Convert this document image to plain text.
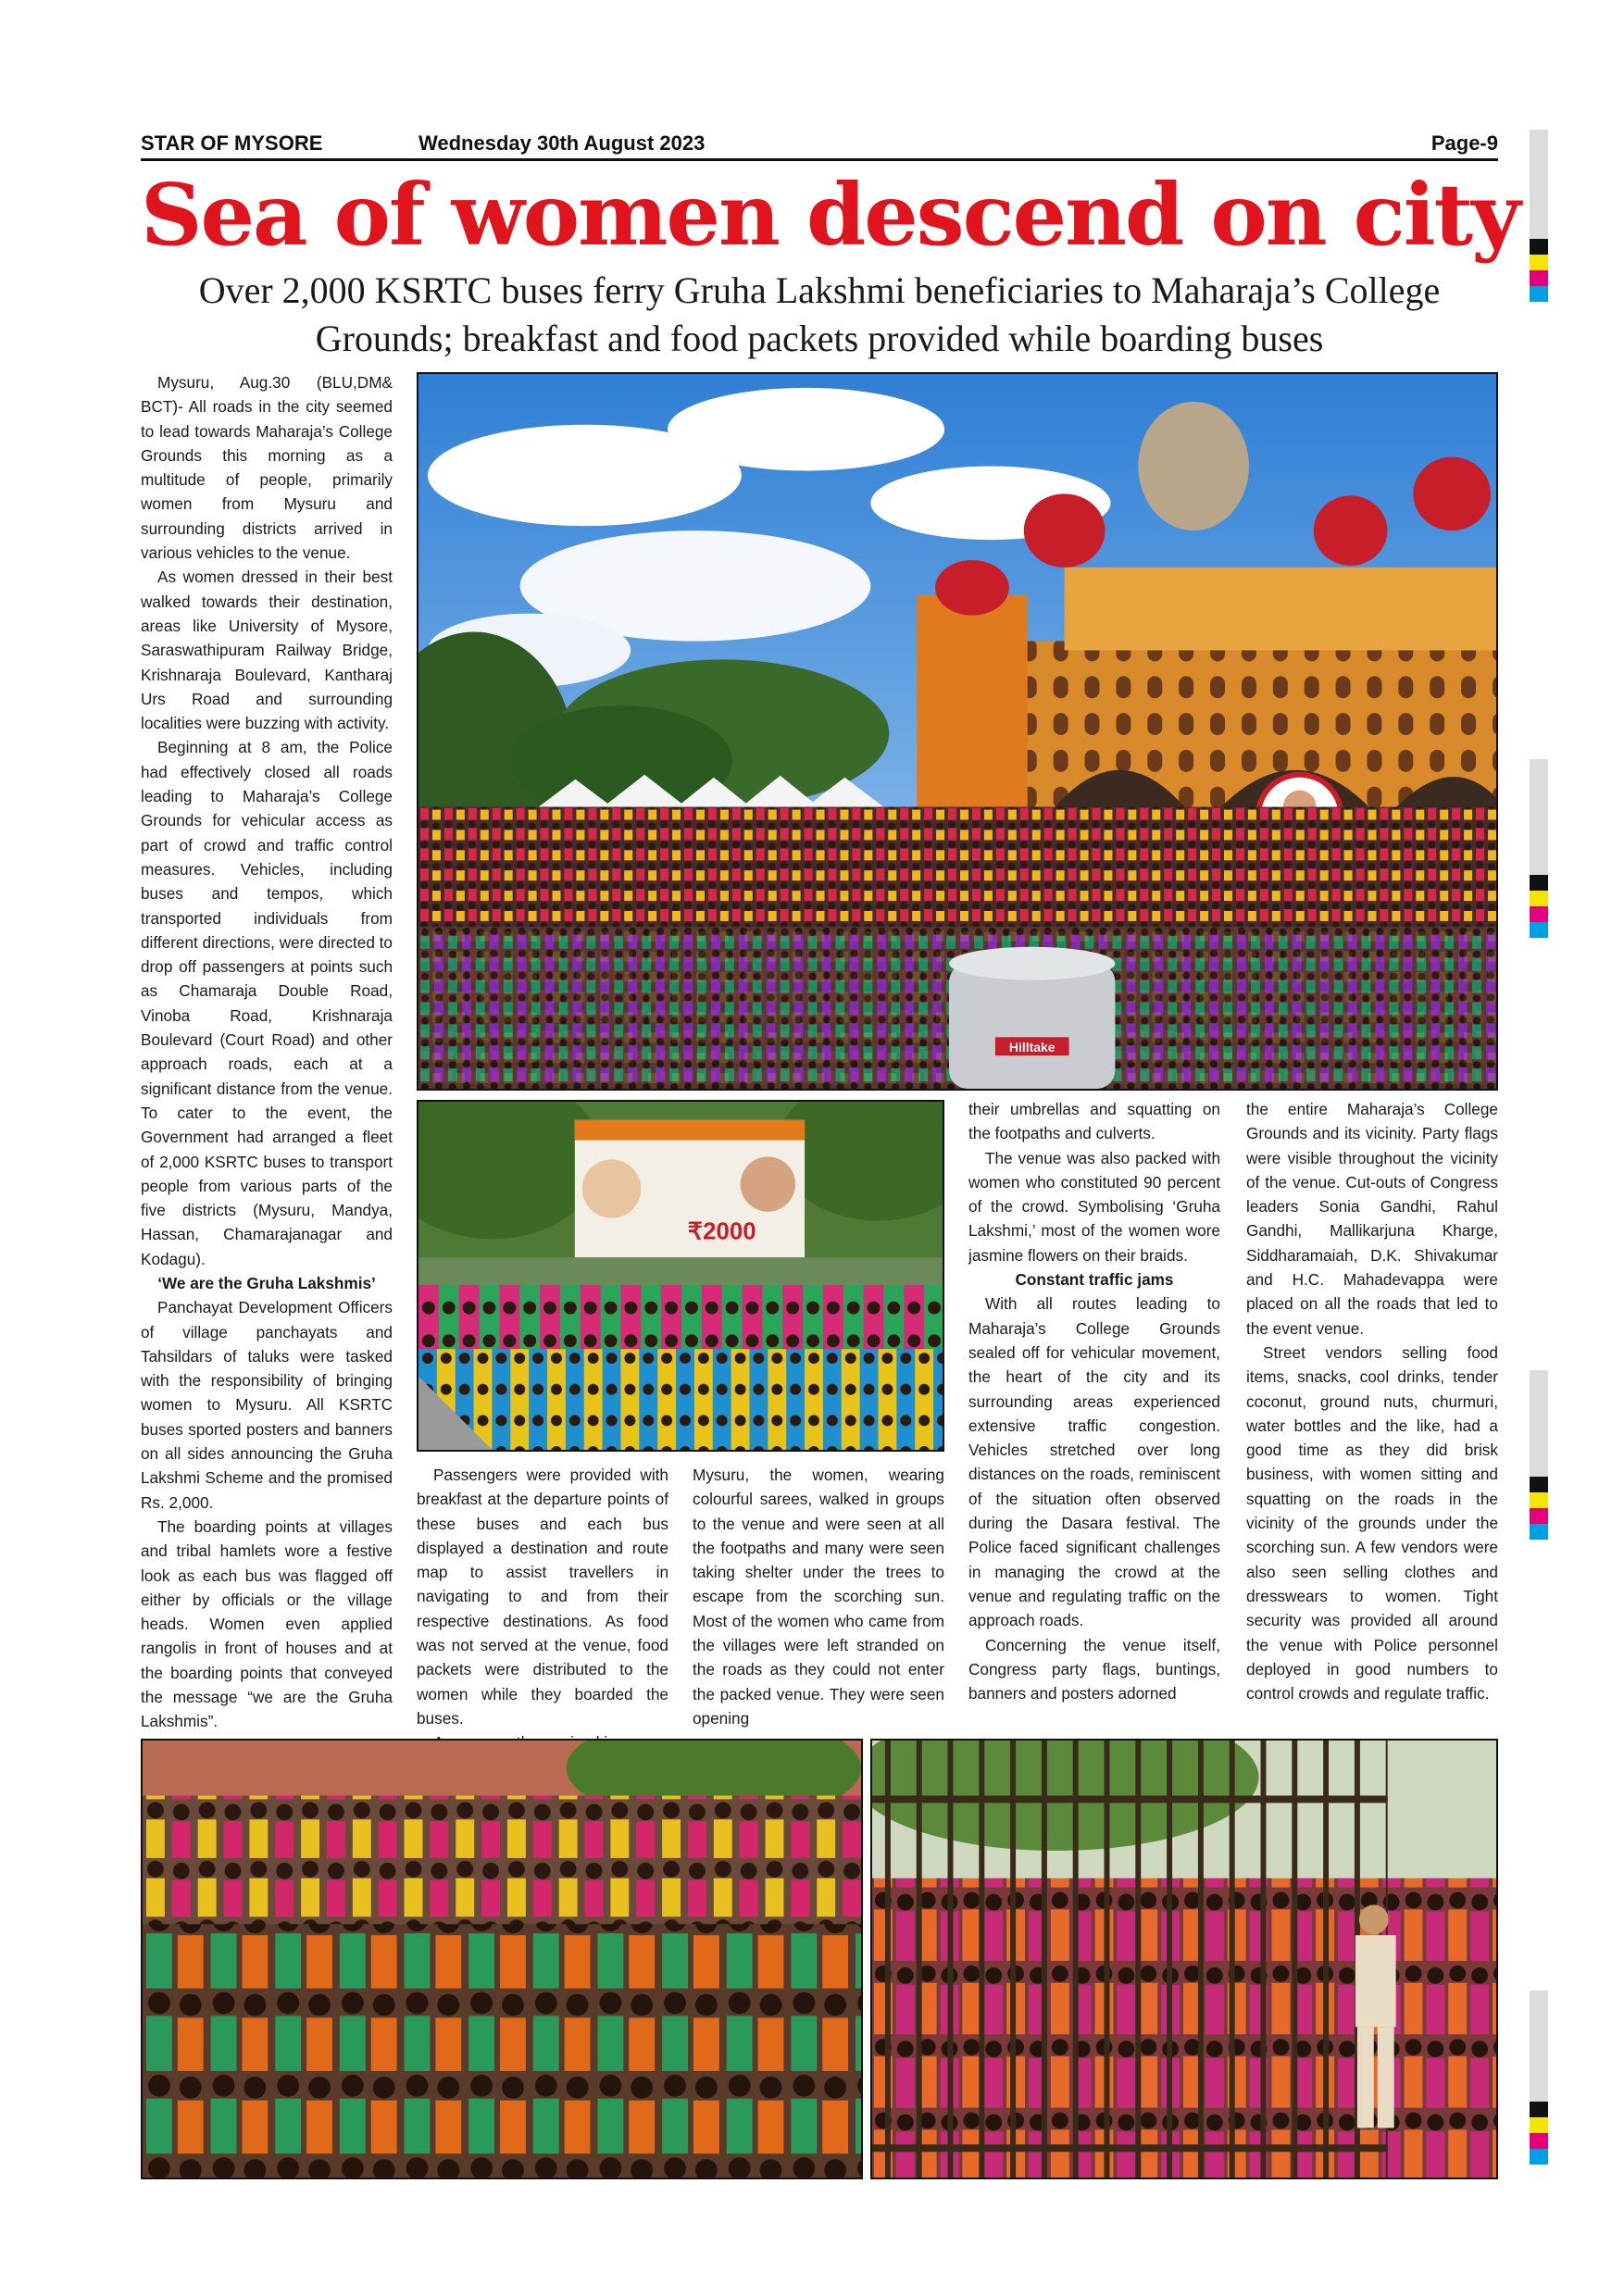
STAR OF MYSORE	Wednesday 30th August 2023	Page-9
Sea of women descend on city
Over 2,000 KSRTC buses ferry Gruha Lakshmi beneficiaries to Maharaja’s College
Grounds; breakfast and food packets provided while boarding buses

Mysuru, Aug.30 (BLU,DM& BCT)- All roads in the city seemed to lead towards Maharaja’s College Grounds this morning as a multitude of people, primarily women from Mysuru and surrounding districts arrived in various vehicles to the venue.

As women dressed in their best walked towards their destination, areas like University of Mysore, Saraswathipuram Railway Bridge, Krishnaraja Boulevard, Kantharaj Urs Road and surrounding localities were buzzing with activity.

Beginning at 8 am, the Police had effectively closed all roads leading to Maharaja’s College Grounds for vehicular access as part of crowd and traffic control measures. Vehicles, including buses and tempos, which transported individuals from different directions, were directed to drop off passengers at points such as Chamaraja Double Road, Vinoba Road, Krishnaraja Boulevard (Court Road) and other approach roads, each at a significant distance from the venue. To cater to the event, the Government had arranged a fleet of 2,000 KSRTC buses to transport people from various parts of the five districts (Mysuru, Mandya, Hassan, Chamarajanagar and Kodagu).

‘We are the Gruha Lakshmis’

Panchayat Development Officers of village panchayats and Tahsildars of taluks were tasked with the responsibility of bringing women to Mysuru. All KSRTC buses sported posters and banners on all sides announcing the Gruha Lakshmi Scheme and the promised Rs. 2,000.

The boarding points at villages and tribal hamlets wore a festive look as each bus was flagged off either by officials or the village heads. Women even applied rangolis in front of houses and at the boarding points that conveyed the message “we are the Gruha Lakshmis”.

Hilltake
₹2000

Passengers were provided with breakfast at the departure points of these buses and each bus displayed a destination and route map to assist travellers in navigating to and from their respective destinations. As food was not served at the venue, food packets were distributed to the women while they boarded the buses.

Mysuru, the women, wearing colourful sarees, walked in groups to the venue and were seen at all the footpaths and many were seen taking shelter under the trees to escape from the scorching sun. Most of the women who came from the villages were left stranded on the roads as they could not enter the packed venue. They were seen opening

their umbrellas and squatting on the footpaths and culverts.

The venue was also packed with women who constituted 90 percent of the crowd. Symbolising ‘Gruha Lakshmi,’ most of the women wore jasmine flowers on their braids.

Constant traffic jams

With all routes leading to Maharaja’s College Grounds sealed off for vehicular movement, the heart of the city and its surrounding areas experienced extensive traffic congestion. Vehicles stretched over long distances on the roads, reminiscent of the situation often observed during the Dasara festival. The Police faced significant challenges in managing the crowd at the venue and regulating traffic on the approach roads.

Concerning the venue itself, Congress party flags, buntings, banners and posters adorned

the entire Maharaja’s College Grounds and its vicinity. Party flags were visible throughout the vicinity of the venue. Cut-outs of Congress leaders Sonia Gandhi, Rahul Gandhi, Mallikarjuna Kharge, Siddharamaiah, D.K. Shivakumar and H.C. Mahadevappa were placed on all the roads that led to the event venue.

Street vendors selling food items, snacks, cool drinks, tender coconut, ground nuts, churmuri, water bottles and the like, had a good time as they did brisk business, with women sitting and squatting on the roads in the vicinity of the grounds under the scorching sun. A few vendors were also seen selling clothes and dresswears to women. Tight security was provided all around the venue with Police personnel deployed in good numbers to control crowds and regulate traffic.
